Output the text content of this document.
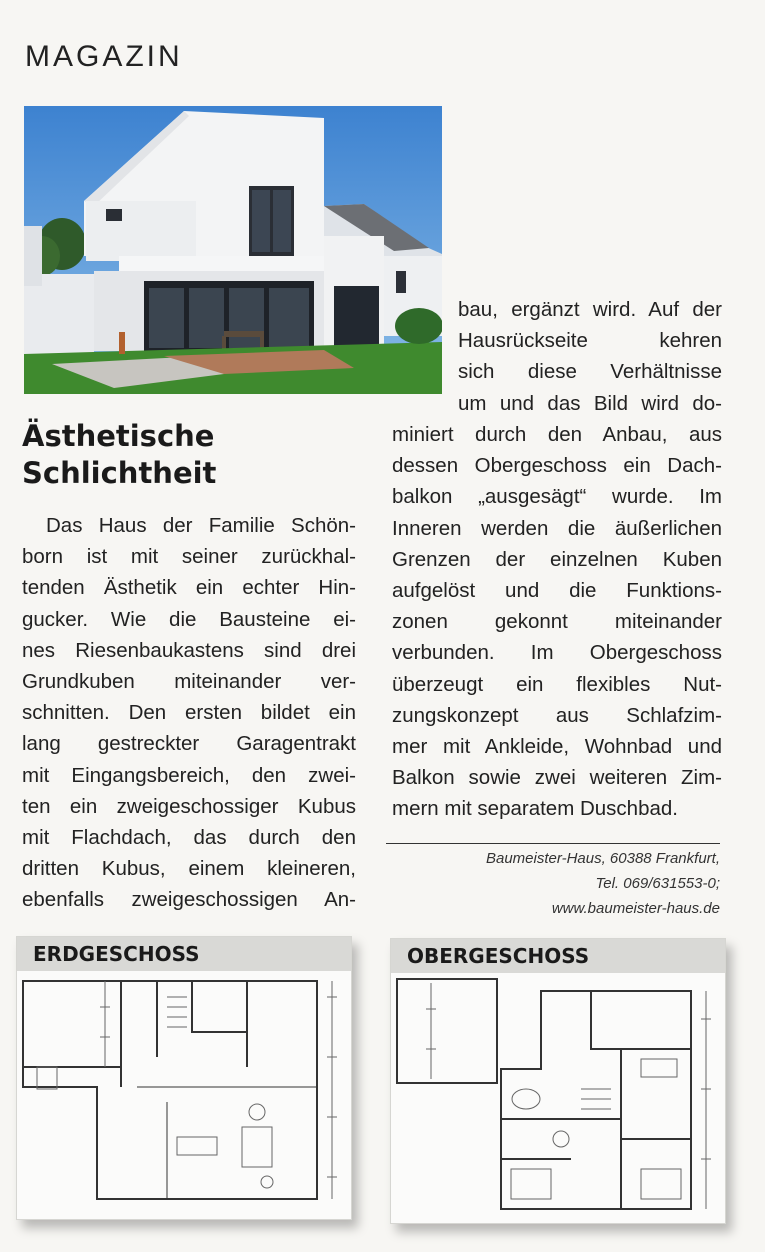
MAGAZIN
Ästhetische
Schlichtheit
Das Haus der Familie Schön-
born ist mit seiner zurückhal-
tenden Ästhetik ein echter Hin-
gucker. Wie die Bausteine ei-
nes Riesenbaukastens sind drei
Grundkuben miteinander ver-
schnitten. Den ersten bildet ein
lang gestreckter Garagentrakt
mit Eingangsbereich, den zwei-
ten ein zweigeschossiger Kubus
mit Flachdach, das durch den
dritten Kubus, einem kleineren,
ebenfalls zweigeschossigen An-
bau, ergänzt wird. Auf der
Hausrückseite kehren
sich diese Verhältnisse
um und das Bild wird do-
miniert durch den Anbau, aus
dessen Obergeschoss ein Dach-
balkon „ausgesägt“ wurde. Im
Inneren werden die äußerlichen
Grenzen der einzelnen Kuben
aufgelöst und die Funktions-
zonen gekonnt miteinander
verbunden. Im Obergeschoss
überzeugt ein flexibles Nut-
zungskonzept aus Schlafzim-
mer mit Ankleide, Wohnbad und
Balkon sowie zwei weiteren Zim-
mern mit separatem Duschbad.
Baumeister-Haus, 60388 Frankfurt,
Tel. 069/631553-0;
www.baumeister-haus.de
ERDGESCHOSS	OBERGESCHOSS
